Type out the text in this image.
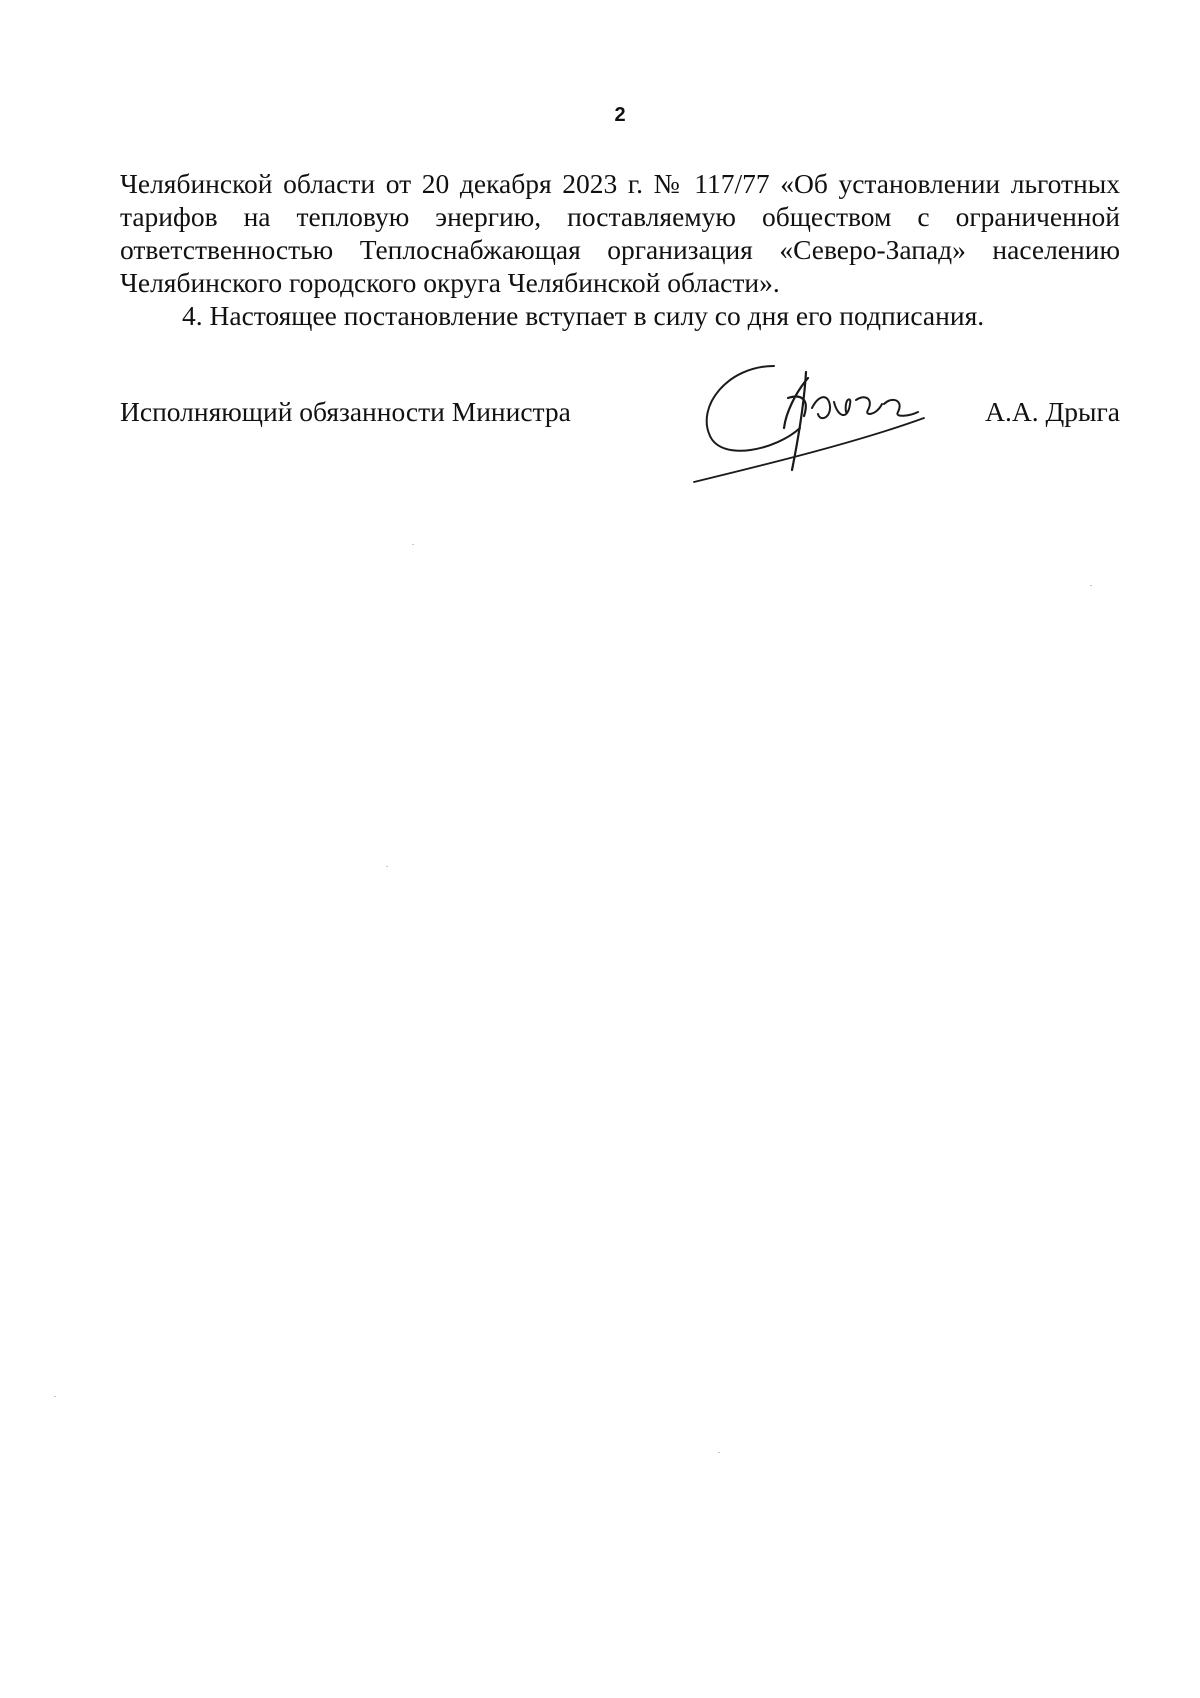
2

Челябинской области от 20 декабря 2023 г. № 117/77 «Об установлении льготных тарифов на тепловую энергию, поставляемую обществом с ограниченной ответственностью Теплоснабжающая организация «Северо-Запад» населению Челябинского городского округа Челябинской области».

4. Настоящее постановление вступает в силу со дня его подписания.

Исполняющий обязанности Министра	А.А. Дрыга
